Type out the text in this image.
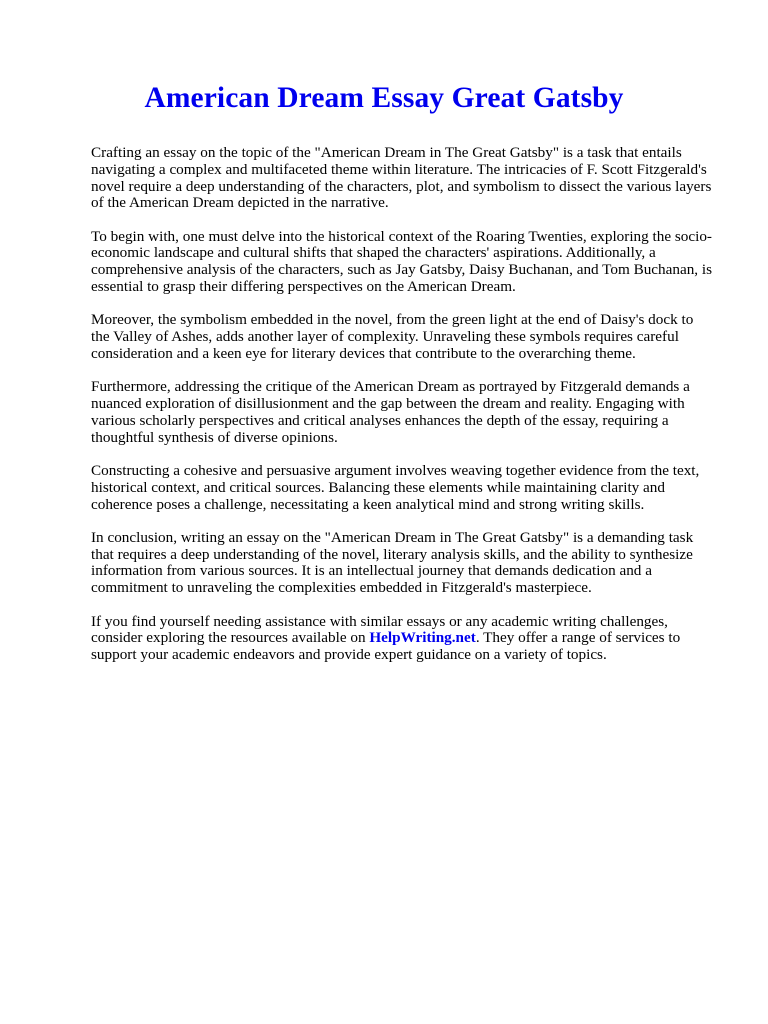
American Dream Essay Great Gatsby

Crafting an essay on the topic of the "American Dream in The Great Gatsby" is a task that entails navigating a complex and multifaceted theme within literature. The intricacies of F. Scott Fitzgerald's novel require a deep understanding of the characters, plot, and symbolism to dissect the various layers of the American Dream depicted in the narrative.

To begin with, one must delve into the historical context of the Roaring Twenties, exploring the socio-economic landscape and cultural shifts that shaped the characters' aspirations. Additionally, a comprehensive analysis of the characters, such as Jay Gatsby, Daisy Buchanan, and Tom Buchanan, is essential to grasp their differing perspectives on the American Dream.

Moreover, the symbolism embedded in the novel, from the green light at the end of Daisy's dock to the Valley of Ashes, adds another layer of complexity. Unraveling these symbols requires careful consideration and a keen eye for literary devices that contribute to the overarching theme.

Furthermore, addressing the critique of the American Dream as portrayed by Fitzgerald demands a nuanced exploration of disillusionment and the gap between the dream and reality. Engaging with various scholarly perspectives and critical analyses enhances the depth of the essay, requiring a thoughtful synthesis of diverse opinions.

Constructing a cohesive and persuasive argument involves weaving together evidence from the text, historical context, and critical sources. Balancing these elements while maintaining clarity and coherence poses a challenge, necessitating a keen analytical mind and strong writing skills.

In conclusion, writing an essay on the "American Dream in The Great Gatsby" is a demanding task that requires a deep understanding of the novel, literary analysis skills, and the ability to synthesize information from various sources. It is an intellectual journey that demands dedication and a commitment to unraveling the complexities embedded in Fitzgerald's masterpiece.

If you find yourself needing assistance with similar essays or any academic writing challenges, consider exploring the resources available on HelpWriting.net. They offer a range of services to support your academic endeavors and provide expert guidance on a variety of topics.
